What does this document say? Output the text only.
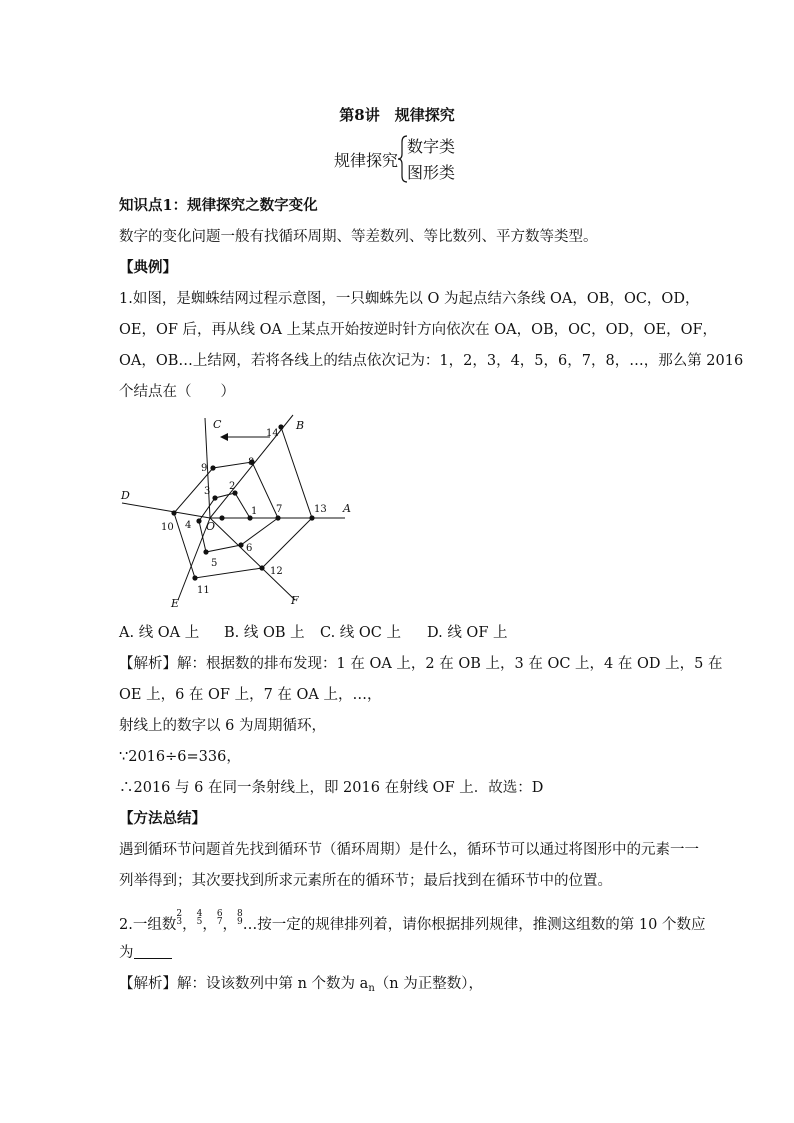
第8讲　规律探究
规律探究
数字类
图形类
知识点1：规律探究之数字变化
数字的变化问题一般有找循环周期、等差数列、等比数列、平方数等类型。
【典例】
1.如图，是蜘蛛结网过程示意图，一只蜘蛛先以 O 为起点结六条线 OA，OB，OC，OD，
OE，OF 后，再从线 OA 上某点开始按逆时针方向依次在 OA，OB，OC，OD，OE，OF，
OA，OB…上结网，若将各线上的结点依次记为：1，2，3，4，5，6，7，8，…，那么第 2016
个结点在（　　）
1
2
3
4
5
6
7
8
9
10
11
12
13
14
O
A
B
C
D
E	F
A. 线 OA 上 B. 线 OB 上 C. 线 OC 上 D. 线 OF 上
【解析】解：根据数的排布发现：1 在 OA 上，2 在 OB 上，3 在 OC 上，4 在 OD 上，5 在
OE 上，6 在 OF 上，7 在 OA 上，…，
射线上的数字以 6 为周期循环，
∵2016÷6=336，
∴2016 与 6 在同一条射线上，即 2016 在射线 OF 上．故选：D
【方法总结】
遇到循环节问题首先找到循环节（循环周期）是什么，循环节可以通过将图形中的元素一一
列举得到；其次要找到所求元素所在的循环节；最后找到在循环节中的位置。
2.一组数
2
3 ，
4
5 ，
6
7 ，
8
9 …按一定的规律排列着，请你根据排列规律，推测这组数的第 10 个数应
为
【解析】解：设该数列中第 n 个数为 $a_n(n$ 为正整数），
